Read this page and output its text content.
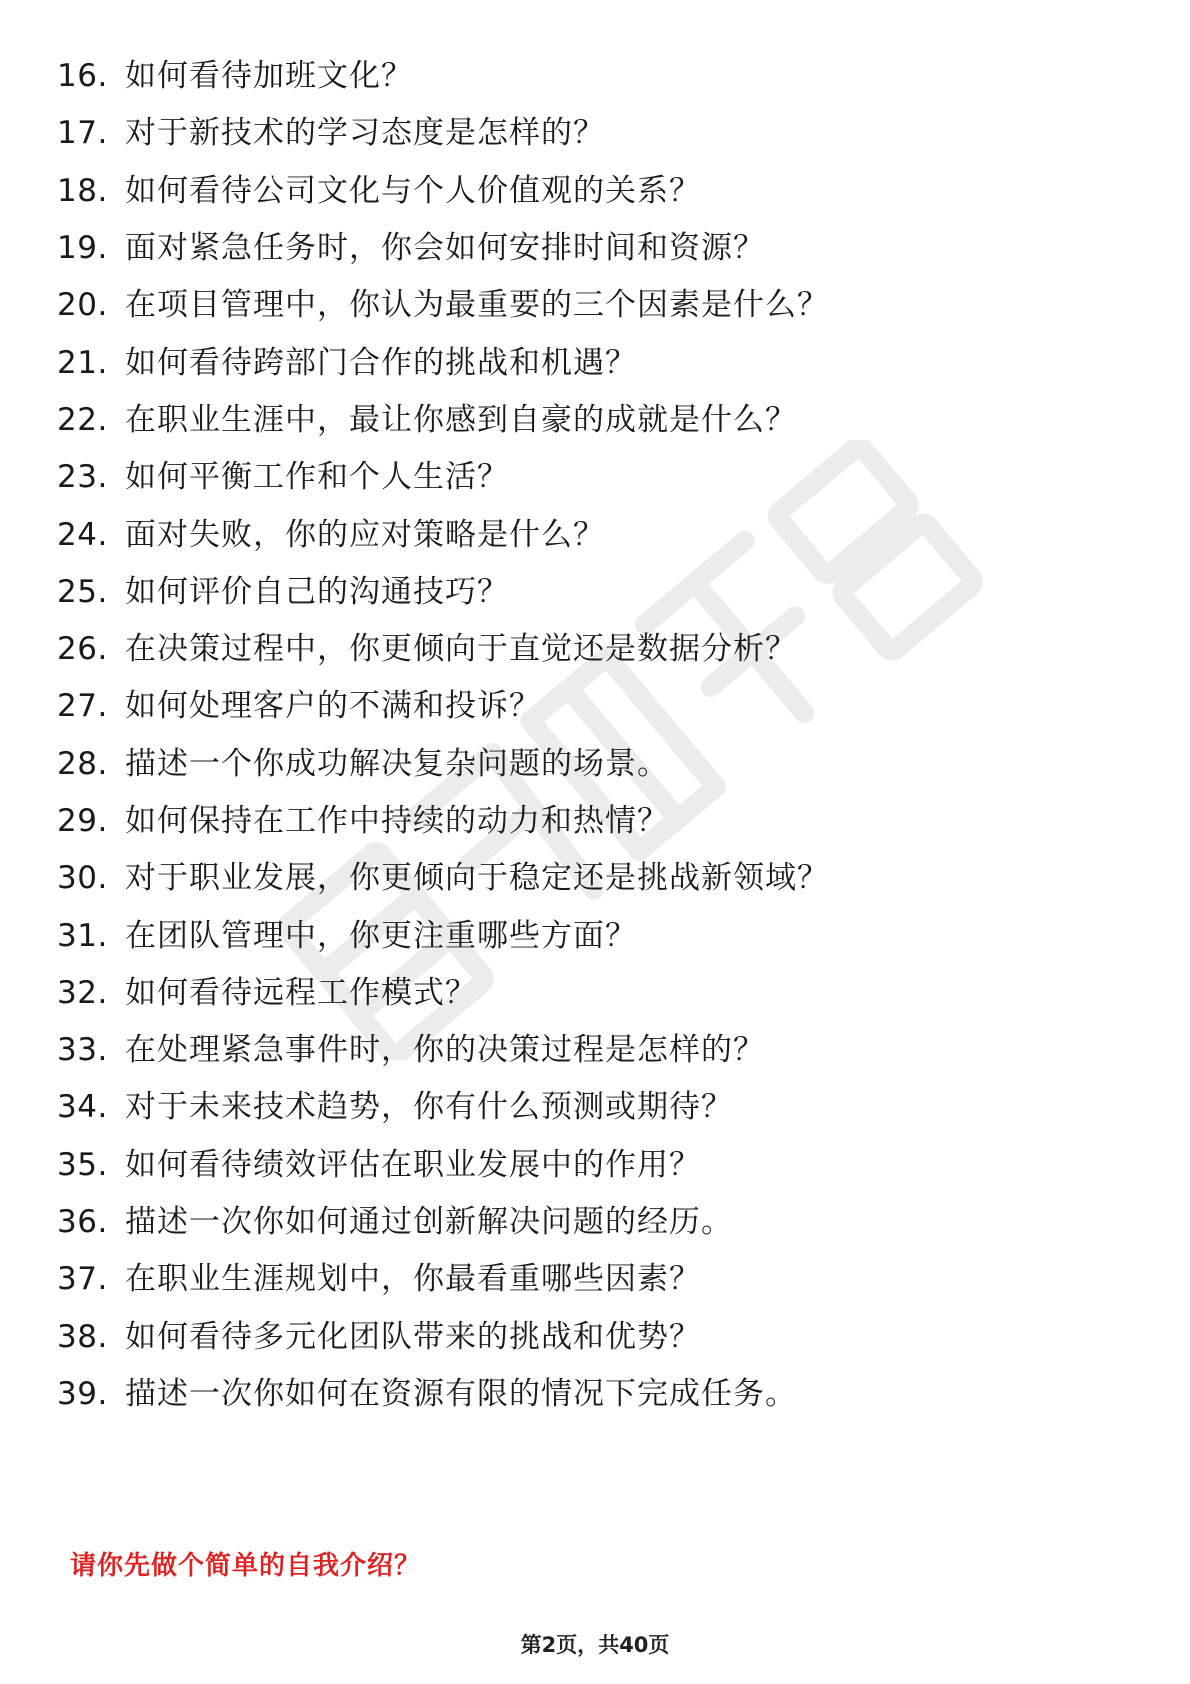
16. 如何看待加班文化？
17. 对于新技术的学习态度是怎样的？
18. 如何看待公司文化与个人价值观的关系？
19. 面对紧急任务时，你会如何安排时间和资源？
20. 在项目管理中，你认为最重要的三个因素是什么？
21. 如何看待跨部门合作的挑战和机遇？
22. 在职业生涯中，最让你感到自豪的成就是什么？
23. 如何平衡工作和个人生活？
24. 面对失败，你的应对策略是什么？
25. 如何评价自己的沟通技巧？
26. 在决策过程中，你更倾向于直觉还是数据分析？
27. 如何处理客户的不满和投诉？
28. 描述一个你成功解决复杂问题的场景。
29. 如何保持在工作中持续的动力和热情？
30. 对于职业发展，你更倾向于稳定还是挑战新领域？
31. 在团队管理中，你更注重哪些方面？
32. 如何看待远程工作模式？
33. 在处理紧急事件时，你的决策过程是怎样的？
34. 对于未来技术趋势，你有什么预测或期待？
35. 如何看待绩效评估在职业发展中的作用？
36. 描述一次你如何通过创新解决问题的经历。
37. 在职业生涯规划中，你最看重哪些因素？
38. 如何看待多元化团队带来的挑战和优势？
39. 描述一次你如何在资源有限的情况下完成任务。
请你先做个简单的自我介绍？
第2页，共40页
